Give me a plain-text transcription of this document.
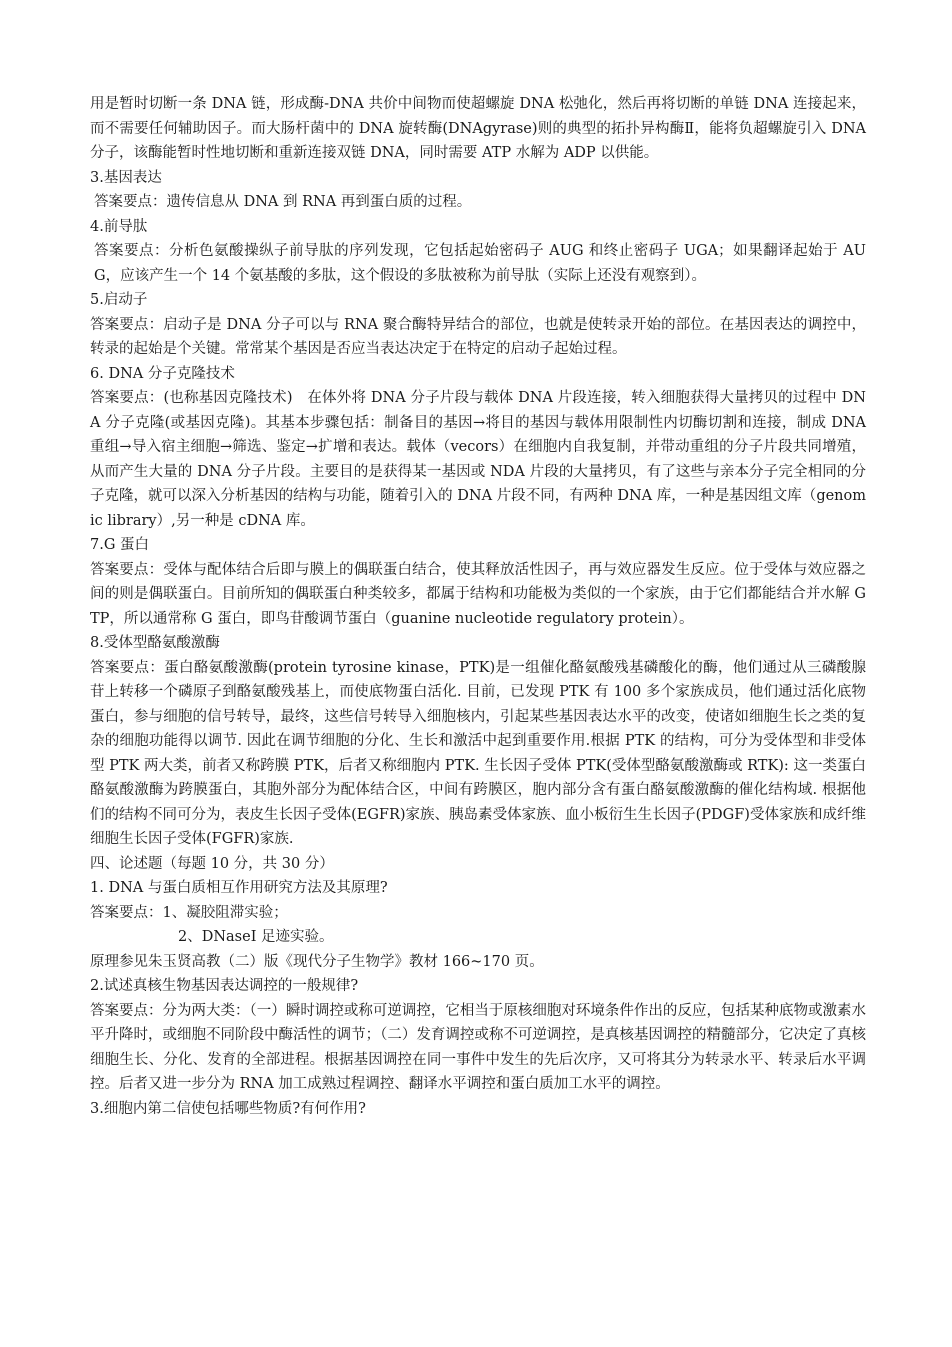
用是暂时切断一条 DNA 链，形成酶-DNA 共价中间物而使超螺旋 DNA 松弛化，然后再将切断的单链 DNA 连接起来，而不需要任何辅助因子。而大肠杆菌中的 DNA 旋转酶(DNAgyrase)则的典型的拓扑异构酶Ⅱ，能将负超螺旋引入 DNA 分子，该酶能暂时性地切断和重新连接双链 DNA，同时需要 ATP 水解为 ADP 以供能。

3.基因表达

答案要点：遗传信息从 DNA 到 RNA 再到蛋白质的过程。

4.前导肽

答案要点：分析色氨酸操纵子前导肽的序列发现，它包括起始密码子 AUG 和终止密码子 UGA；如果翻译起始于 AUG，应该产生一个 14 个氨基酸的多肽，这个假设的多肽被称为前导肽（实际上还没有观察到）。

5.启动子

答案要点：启动子是 DNA 分子可以与 RNA 聚合酶特异结合的部位，也就是使转录开始的部位。在基因表达的调控中，转录的起始是个关键。常常某个基因是否应当表达决定于在特定的启动子起始过程。

6. DNA 分子克隆技术

答案要点：(也称基因克隆技术)　在体外将 DNA 分子片段与载体 DNA 片段连接，转入细胞获得大量拷贝的过程中 DNA 分子克隆(或基因克隆)。其基本步骤包括：制备目的基因→将目的基因与载体用限制性内切酶切割和连接，制成 DNA 重组→导入宿主细胞→筛选、鉴定→扩增和表达。载体（vecors）在细胞内自我复制，并带动重组的分子片段共同增殖，从而产生大量的 DNA 分子片段。主要目的是获得某一基因或 NDA 片段的大量拷贝，有了这些与亲本分子完全相同的分子克隆，就可以深入分析基因的结构与功能，随着引入的 DNA 片段不同，有两种 DNA 库，一种是基因组文库（genomic library）,另一种是 cDNA 库。

7.G 蛋白

答案要点：受体与配体结合后即与膜上的偶联蛋白结合，使其释放活性因子，再与效应器发生反应。位于受体与效应器之间的则是偶联蛋白。目前所知的偶联蛋白种类较多，都属于结构和功能极为类似的一个家族，由于它们都能结合并水解 GTP，所以通常称 G 蛋白，即鸟苷酸调节蛋白（guanine nucleotide regulatory protein）。

8.受体型酪氨酸激酶

答案要点：蛋白酪氨酸激酶(protein tyrosine kinase，PTK)是一组催化酪氨酸残基磷酸化的酶，他们通过从三磷酸腺苷上转移一个磷原子到酪氨酸残基上，而使底物蛋白活化. 目前，已发现 PTK 有 100 多个家族成员，他们通过活化底物蛋白，参与细胞的信号转导，最终，这些信号转导入细胞核内，引起某些基因表达水平的改变，使诸如细胞生长之类的复杂的细胞功能得以调节. 因此在调节细胞的分化、生长和激活中起到重要作用.根据 PTK 的结构，可分为受体型和非受体型 PTK 两大类，前者又称跨膜 PTK，后者又称细胞内 PTK. 生长因子受体 PTK(受体型酪氨酸激酶或 RTK): 这一类蛋白酪氨酸激酶为跨膜蛋白，其胞外部分为配体结合区，中间有跨膜区，胞内部分含有蛋白酪氨酸激酶的催化结构域. 根据他们的结构不同可分为，表皮生长因子受体(EGFR)家族、胰岛素受体家族、血小板衍生生长因子(PDGF)受体家族和成纤维细胞生长因子受体(FGFR)家族.

四、论述题（每题 10 分，共 30 分）

1. DNA 与蛋白质相互作用研究方法及其原理?

答案要点：1、凝胶阻滞实验；

2、DNaseI 足迹实验。

原理参见朱玉贤高教（二）版《现代分子生物学》教材 166~170 页。

2.试述真核生物基因表达调控的一般规律?

答案要点：分为两大类：（一）瞬时调控或称可逆调控，它相当于原核细胞对环境条件作出的反应，包括某种底物或激素水平升降时，或细胞不同阶段中酶活性的调节；（二）发育调控或称不可逆调控，是真核基因调控的精髓部分，它决定了真核细胞生长、分化、发育的全部进程。根据基因调控在同一事件中发生的先后次序，又可将其分为转录水平、转录后水平调控。后者又进一步分为 RNA 加工成熟过程调控、翻译水平调控和蛋白质加工水平的调控。

3.细胞内第二信使包括哪些物质?有何作用?
